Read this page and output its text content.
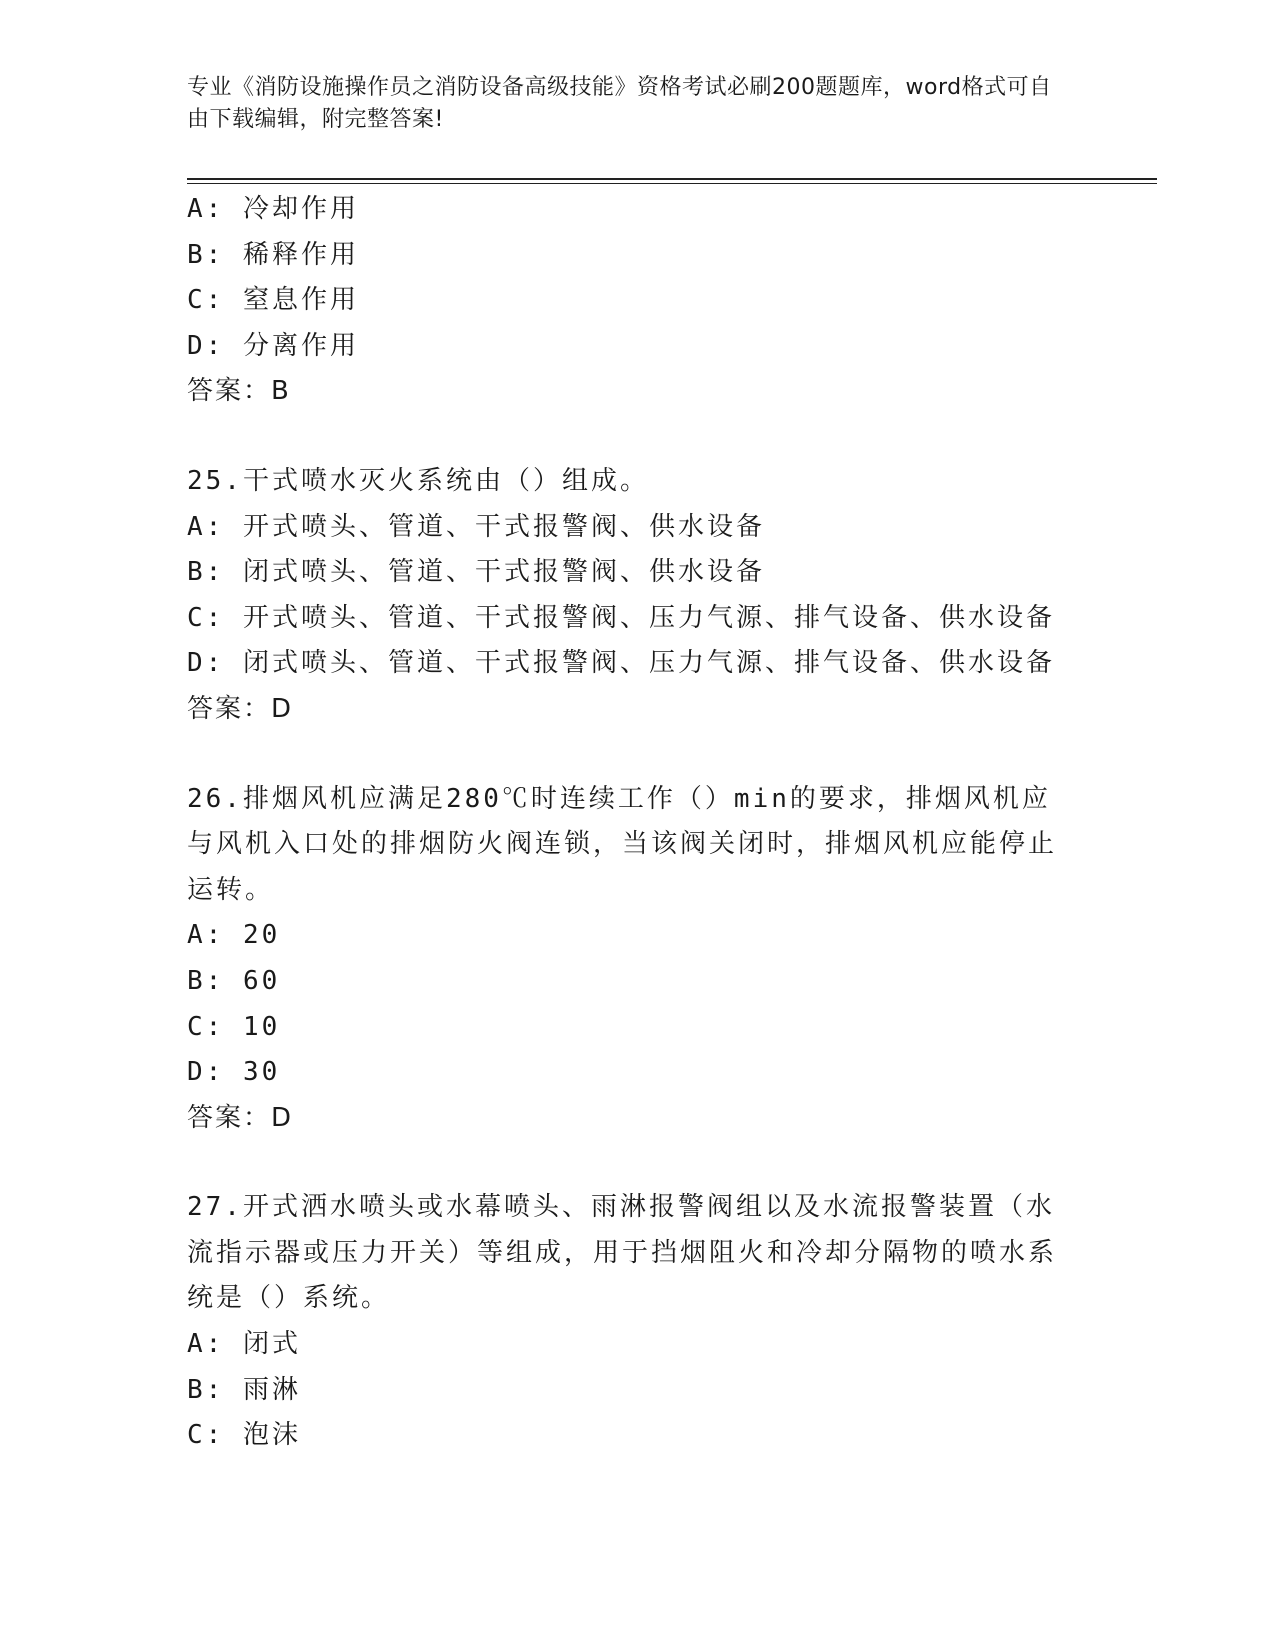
专业《消防设施操作员之消防设备高级技能》资格考试必刷200题题库，word格式可自由下载编辑，附完整答案!
A: 冷却作用
B: 稀释作用
C: 窒息作用
D: 分离作用
答案：B
25.干式喷水灭火系统由（）组成。
A: 开式喷头、管道、干式报警阀、供水设备
B: 闭式喷头、管道、干式报警阀、供水设备
C: 开式喷头、管道、干式报警阀、压力气源、排气设备、供水设备
D: 闭式喷头、管道、干式报警阀、压力气源、排气设备、供水设备
答案：D
26.排烟风机应满足280℃时连续工作（）min的要求，排烟风机应与风机入口处的排烟防火阀连锁，当该阀关闭时，排烟风机应能停止运转。
A: 20
B: 60
C: 10
D: 30
答案：D
27.开式洒水喷头或水幕喷头、雨淋报警阀组以及水流报警装置（水流指示器或压力开关）等组成，用于挡烟阻火和冷却分隔物的喷水系统是（）系统。
A: 闭式
B: 雨淋
C: 泡沫
